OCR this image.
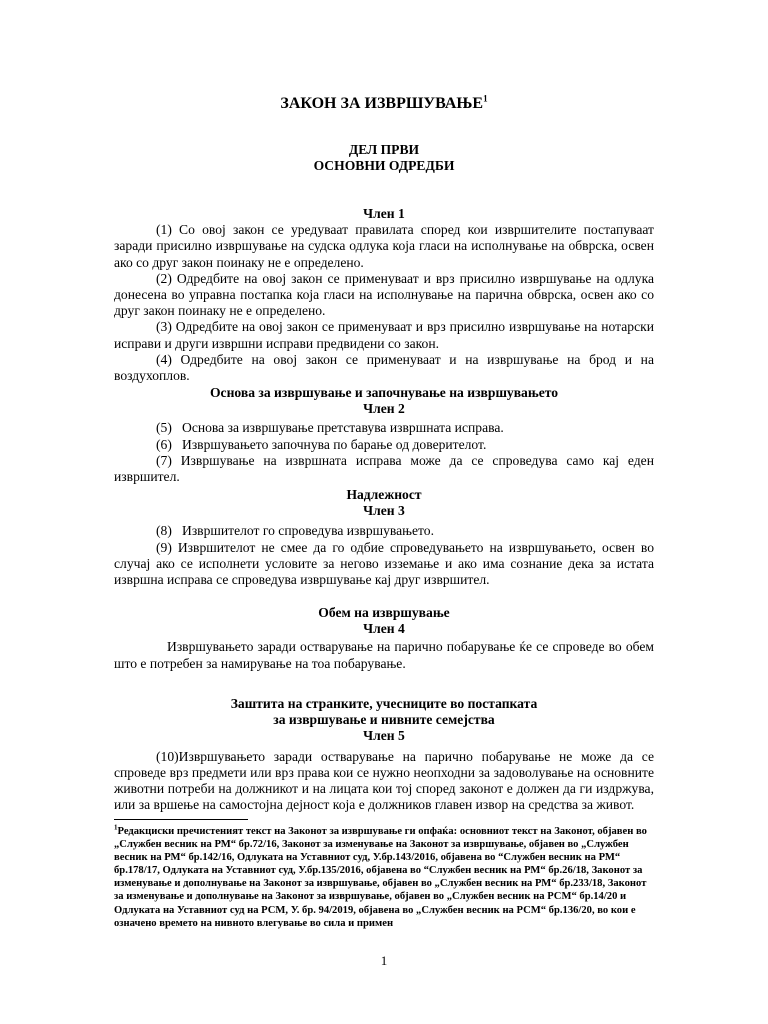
ЗАКОН ЗА ИЗВРШУВАЊЕ$^1$
ДЕЛ ПРВИ
ОСНОВНИ ОДРЕДБИ
Член 1

(1) Со овој закон се уредуваат правилата според кои извршителите постапуваат заради присилно извршување на судска одлука која гласи на исполнување на обврска, освен ако со друг закон поинаку не е определено.

(2) Одредбите на овој закон се применуваат и врз присилно извршување на одлука донесена во управна постапка која гласи на исполнување на парична обврска, освен ако со друг закон поинаку не е определено.

(3) Одредбите на овој закон се применуваат и врз присилно извршување на нотарски исправи и други извршни исправи предвидени со закон.

(4) Одредбите на овој закон се применуваат и на извршување на брод и на воздухоплов.

Основа за извршување и започнување на извршувањето
Член 2
(5) Основа за извршување претставува извршната исправа.
(6) Извршувањето започнува по барање од доверителот.

(7) Извршување на извршната исправа може да се спроведува само кај еден извршител.

Надлежност
Член 3
(8) Извршителот го спроведува извршувањето.

(9) Извршителот не смее да го одбие спроведувањето на извршувањето, освен во случај ако се исполнети условите за негово изземање и ако има сознание дека за истата извршна исправа се спроведува извршување кај друг извршител.

Обем на извршување
Член 4

Извршувањето заради остварување на парично побарување ќе се спроведе во обем што е потребен за намирување на тоа побарување.

Заштита на странките, учесниците во постапката
за извршување и нивните семејства
Член 5

(10)Извршувањето заради остварување на парично побарување не може да се спроведе врз предмети или врз права кои се нужно неопходни за задоволување на основните животни потреби на должникот и на лицата кои тој според законот е должен да ги издржува, или за вршење на самостојна дејност која е должников главен извор на средства за живот.

$^1$Редакциски пречистеният текст на Законот за извршување ги опфаќа: основниот текст на Законот, објавен во „Службен весник на РМ“ бр.72/16, Законот за изменување на Законот за извршување, објавен во „Службен весник на РМ“ бр.142/16, Одлуката на Уставниот суд, У.бр.143/2016, објавена во “Службен весник на РМ“ бр.178/17, Одлуката на Уставниот суд, У.бр.135/2016, објавена во “Службен весник на РМ“ бр.26/18, Законот за изменување и дополнување на Законот за извршување, објавен во „Службен весник на РМ“ бр.233/18, Законот за изменување и дополнување на Законот за извршување, објавен во „Службен весник на РСМ“ бр.14/20 и Одлуката на Уставниот суд на РСМ, У. бр. 94/2019, објавена во „Службен весник на РСМ“ бр.136/20, во кои е означено времето на нивното влегување во сила и примен
1
